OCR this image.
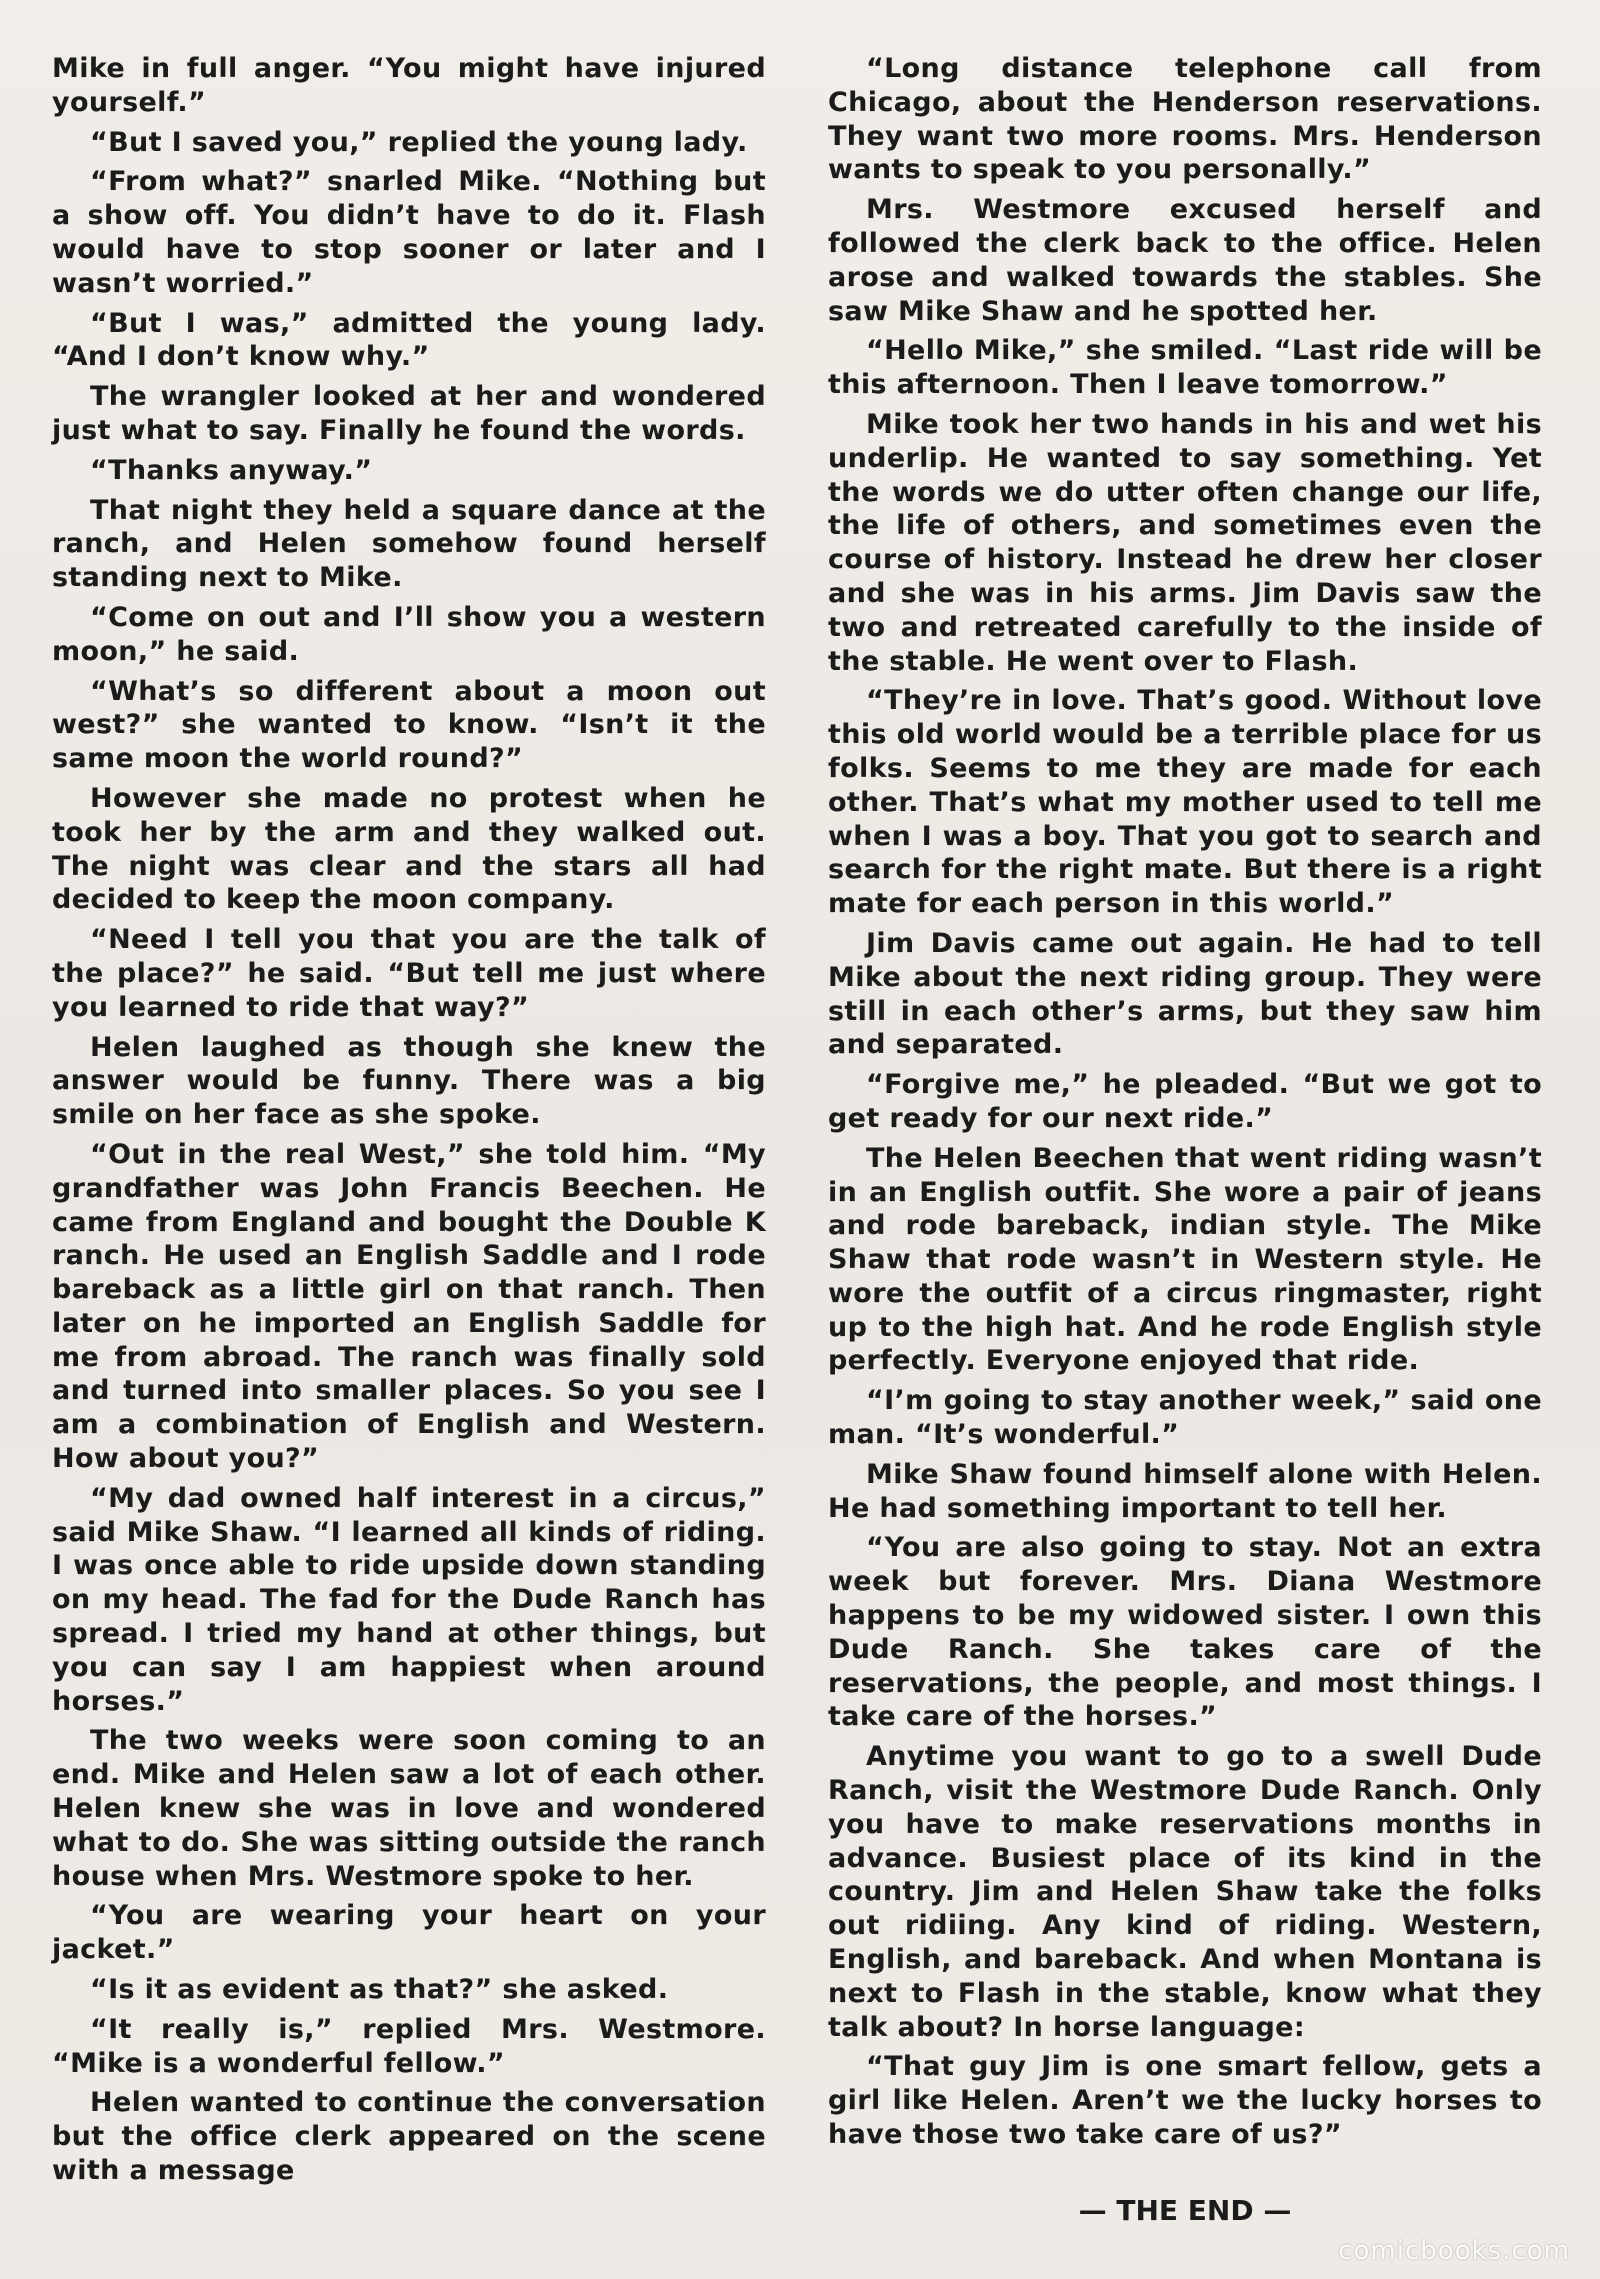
Mike in full anger. “You might have injured yourself.”

“But I saved you,” replied the young lady.

“From what?” snarled Mike. “Nothing but a show off. You didn’t have to do it. Flash would have to stop sooner or later and I wasn’t worried.”

“But I was,” admitted the young lady. “And I don’t know why.”

The wrangler looked at her and wondered just what to say. Finally he found the words.

“Thanks anyway.”

That night they held a square dance at the ranch, and Helen somehow found herself standing next to Mike.

“Come on out and I’ll show you a western moon,” he said.

“What’s so different about a moon out west?” she wanted to know. “Isn’t it the same moon the world round?”

However she made no protest when he took her by the arm and they walked out. The night was clear and the stars all had decided to keep the moon company.

“Need I tell you that you are the talk of the place?” he said. “But tell me just where you learned to ride that way?”

Helen laughed as though she knew the answer would be funny. There was a big smile on her face as she spoke.

“Out in the real West,” she told him. “My grandfather was John Francis Beechen. He came from England and bought the Double K ranch. He used an English Saddle and I rode bareback as a little girl on that ranch. Then later on he imported an English Saddle for me from abroad. The ranch was finally sold and turned into smaller places. So you see I am a combination of English and Western. How about you?”

“My dad owned half interest in a circus,” said Mike Shaw. “I learned all kinds of riding. I was once able to ride upside down standing on my head. The fad for the Dude Ranch has spread. I tried my hand at other things, but you can say I am happiest when around horses.”

The two weeks were soon coming to an end. Mike and Helen saw a lot of each other. Helen knew she was in love and wondered what to do. She was sitting outside the ranch house when Mrs. Westmore spoke to her.

“You are wearing your heart on your jacket.”

“Is it as evident as that?” she asked.

“It really is,” replied Mrs. Westmore. “Mike is a wonderful fellow.”

Helen wanted to continue the conversation but the office clerk appeared on the scene with a message

“Long distance telephone call from Chicago, about the Henderson reservations. They want two more rooms. Mrs. Henderson wants to speak to you personally.”

Mrs. Westmore excused herself and followed the clerk back to the office. Helen arose and walked towards the stables. She saw Mike Shaw and he spotted her.

“Hello Mike,” she smiled. “Last ride will be this afternoon. Then I leave tomorrow.”

Mike took her two hands in his and wet his underlip. He wanted to say something. Yet the words we do utter often change our life, the life of others, and sometimes even the course of history. Instead he drew her closer and she was in his arms. Jim Davis saw the two and retreated carefully to the inside of the stable. He went over to Flash.

“They’re in love. That’s good. Without love this old world would be a terrible place for us folks. Seems to me they are made for each other. That’s what my mother used to tell me when I was a boy. That you got to search and search for the right mate. But there is a right mate for each person in this world.”

Jim Davis came out again. He had to tell Mike about the next riding group. They were still in each other’s arms, but they saw him and separated.

“Forgive me,” he pleaded. “But we got to get ready for our next ride.”

The Helen Beechen that went riding wasn’t in an English outfit. She wore a pair of jeans and rode bareback, indian style. The Mike Shaw that rode wasn’t in Western style. He wore the outfit of a circus ringmaster, right up to the high hat. And he rode English style perfectly. Everyone enjoyed that ride.

“I’m going to stay another week,” said one man. “It’s wonderful.”

Mike Shaw found himself alone with Helen. He had something important to tell her.

“You are also going to stay. Not an extra week but forever. Mrs. Diana Westmore happens to be my widowed sister. I own this Dude Ranch. She takes care of the reservations, the people, and most things. I take care of the horses.”

Anytime you want to go to a swell Dude Ranch, visit the Westmore Dude Ranch. Only you have to make reservations months in advance. Busiest place of its kind in the country. Jim and Helen Shaw take the folks out ridiing. Any kind of riding. Western, English, and bareback. And when Montana is next to Flash in the stable, know what they talk about? In horse language:

“That guy Jim is one smart fellow, gets a girl like Helen. Aren’t we the lucky horses to have those two take care of us?”

— THE END —
comicbooks.com
